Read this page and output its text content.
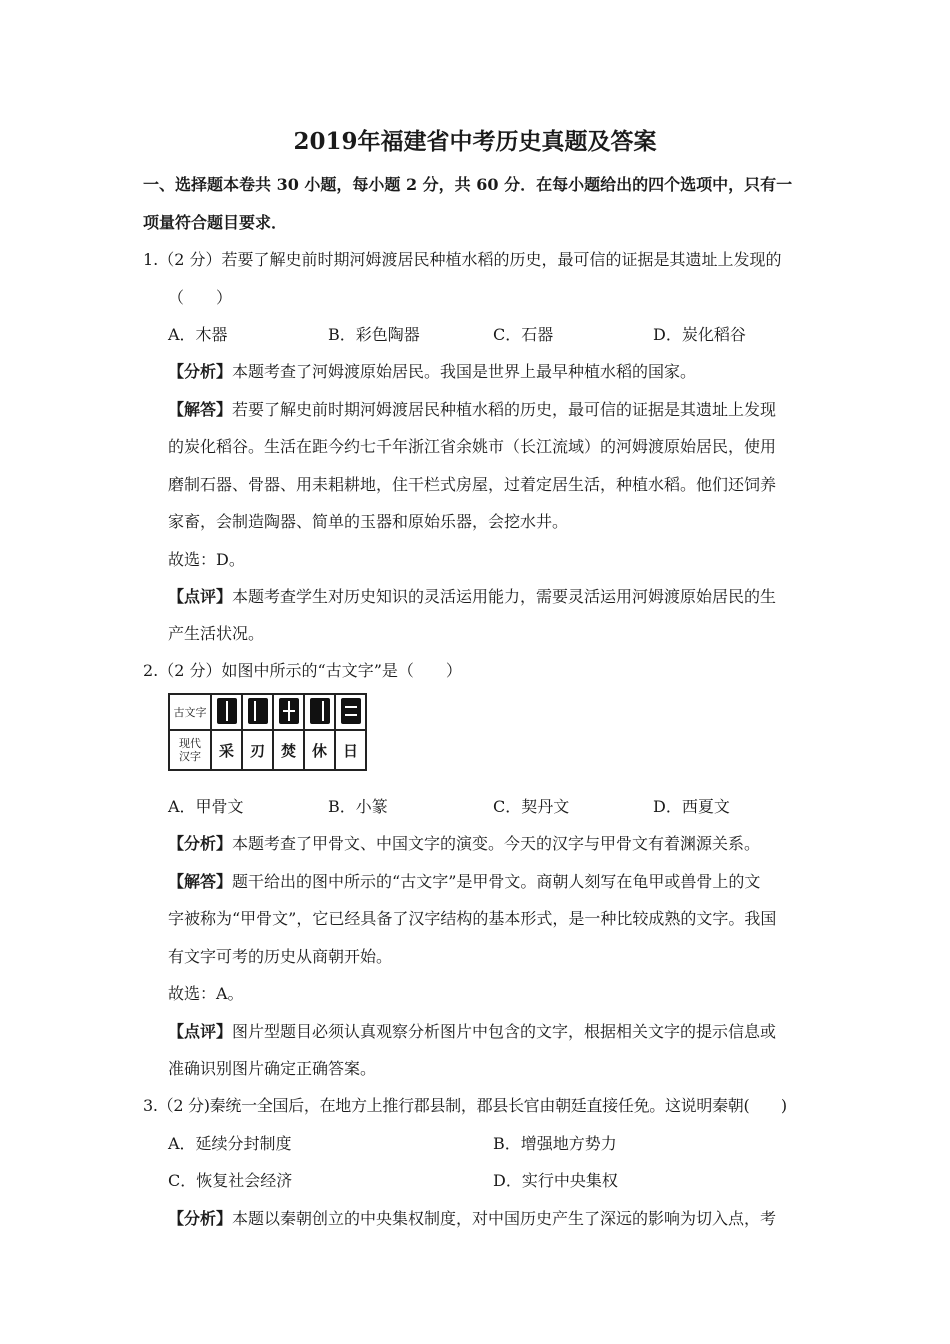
2019年福建省中考历史真题及答案
一、选择题本卷共 30 小题，每小题 2 分，共 60 分．在每小题给出的四个选项中，只有一
项量符合题目要求．
1.（2 分）若要了解史前时期河姆渡居民种植水稻的历史，最可信的证据是其遗址上发现的
（　　）
A．木器	B．彩色陶器	C．石器	D．炭化稻谷
【分析】本题考查了河姆渡原始居民。我国是世界上最早种植水稻的国家。
【解答】若要了解史前时期河姆渡居民种植水稻的历史，最可信的证据是其遗址上发现
的炭化稻谷。生活在距今约七千年浙江省余姚市（长江流域）的河姆渡原始居民，使用
磨制石器、骨器、用耒耜耕地，住干栏式房屋，过着定居生活，种植水稻。他们还饲养
家畜，会制造陶器、简单的玉器和原始乐器，会挖水井。
故选：D。
【点评】本题考查学生对历史知识的灵活运用能力，需要灵活运用河姆渡原始居民的生
产生活状况。
2.（2 分）如图中所示的“古文字”是（　　）
古文字	

现代
汉字	采	刃	焚	休	日
A．甲骨文	B．小篆	C．契丹文	D．西夏文
【分析】本题考查了甲骨文、中国文字的演变。今天的汉字与甲骨文有着渊源关系。
【解答】题干给出的图中所示的“古文字”是甲骨文。商朝人刻写在龟甲或兽骨上的文
字被称为“甲骨文”，它已经具备了汉字结构的基本形式，是一种比较成熟的文字。我国
有文字可考的历史从商朝开始。
故选：A。
【点评】图片型题目必须认真观察分析图片中包含的文字，根据相关文字的提示信息或
准确识别图片确定正确答案。
3.（2 分)秦统一全国后，在地方上推行郡县制，郡县长官由朝廷直接任免。这说明秦朝(　　)
A．延续分封制度	B．增强地方势力
C．恢复社会经济	D．实行中央集权
【分析】本题以秦朝创立的中央集权制度，对中国历史产生了深远的影响为切入点，考
